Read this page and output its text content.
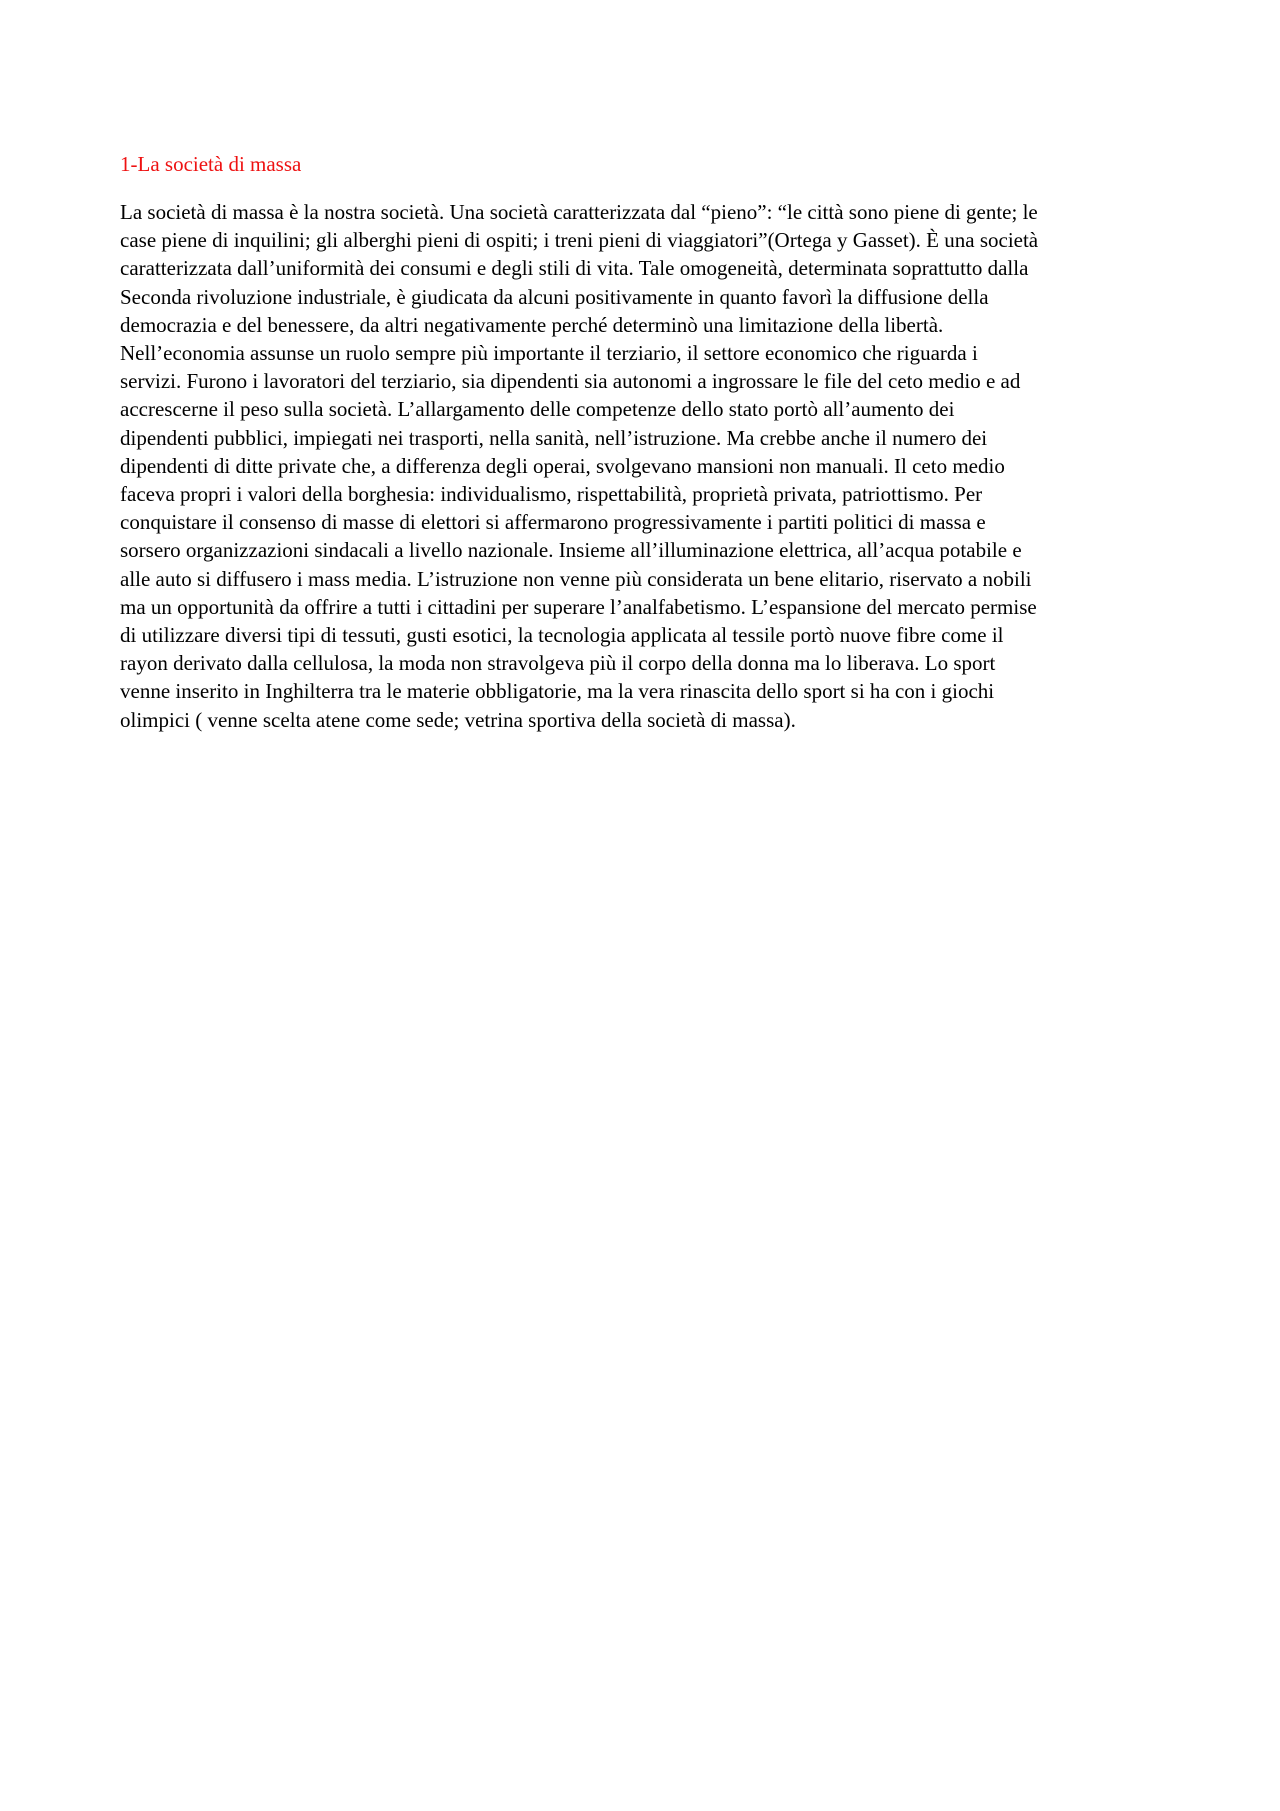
1-La società di massa
La società di massa è la nostra società. Una società caratterizzata dal “pieno”: “le città sono piene di gente; le
case piene di inquilini; gli alberghi pieni di ospiti; i treni pieni di viaggiatori”(Ortega y Gasset). È una società
caratterizzata dall’uniformità dei consumi e degli stili di vita. Tale omogeneità, determinata soprattutto dalla
Seconda rivoluzione industriale, è giudicata da alcuni positivamente in quanto favorì la diffusione della
democrazia e del benessere, da altri negativamente perché determinò una limitazione della libertà.
Nell’economia assunse un ruolo sempre più importante il terziario, il settore economico che riguarda i
servizi. Furono i lavoratori del terziario, sia dipendenti sia autonomi a ingrossare le file del ceto medio e ad
accrescerne il peso sulla società. L’allargamento delle competenze dello stato portò all’aumento dei
dipendenti pubblici, impiegati nei trasporti, nella sanità, nell’istruzione. Ma crebbe anche il numero dei
dipendenti di ditte private che, a differenza degli operai, svolgevano mansioni non manuali. Il ceto medio
faceva propri i valori della borghesia: individualismo, rispettabilità, proprietà privata, patriottismo. Per
conquistare il consenso di masse di elettori si affermarono progressivamente i partiti politici di massa e
sorsero organizzazioni sindacali a livello nazionale. Insieme all’illuminazione elettrica, all’acqua potabile e
alle auto si diffusero i mass media. L’istruzione non venne più considerata un bene elitario, riservato a nobili
ma un opportunità da offrire a tutti i cittadini per superare l’analfabetismo. L’espansione del mercato permise
di utilizzare diversi tipi di tessuti, gusti esotici, la tecnologia applicata al tessile portò nuove fibre come il
rayon derivato dalla cellulosa, la moda non stravolgeva più il corpo della donna ma lo liberava. Lo sport
venne inserito in Inghilterra tra le materie obbligatorie, ma la vera rinascita dello sport si ha con i giochi
olimpici ( venne scelta atene come sede; vetrina sportiva della società di massa).
